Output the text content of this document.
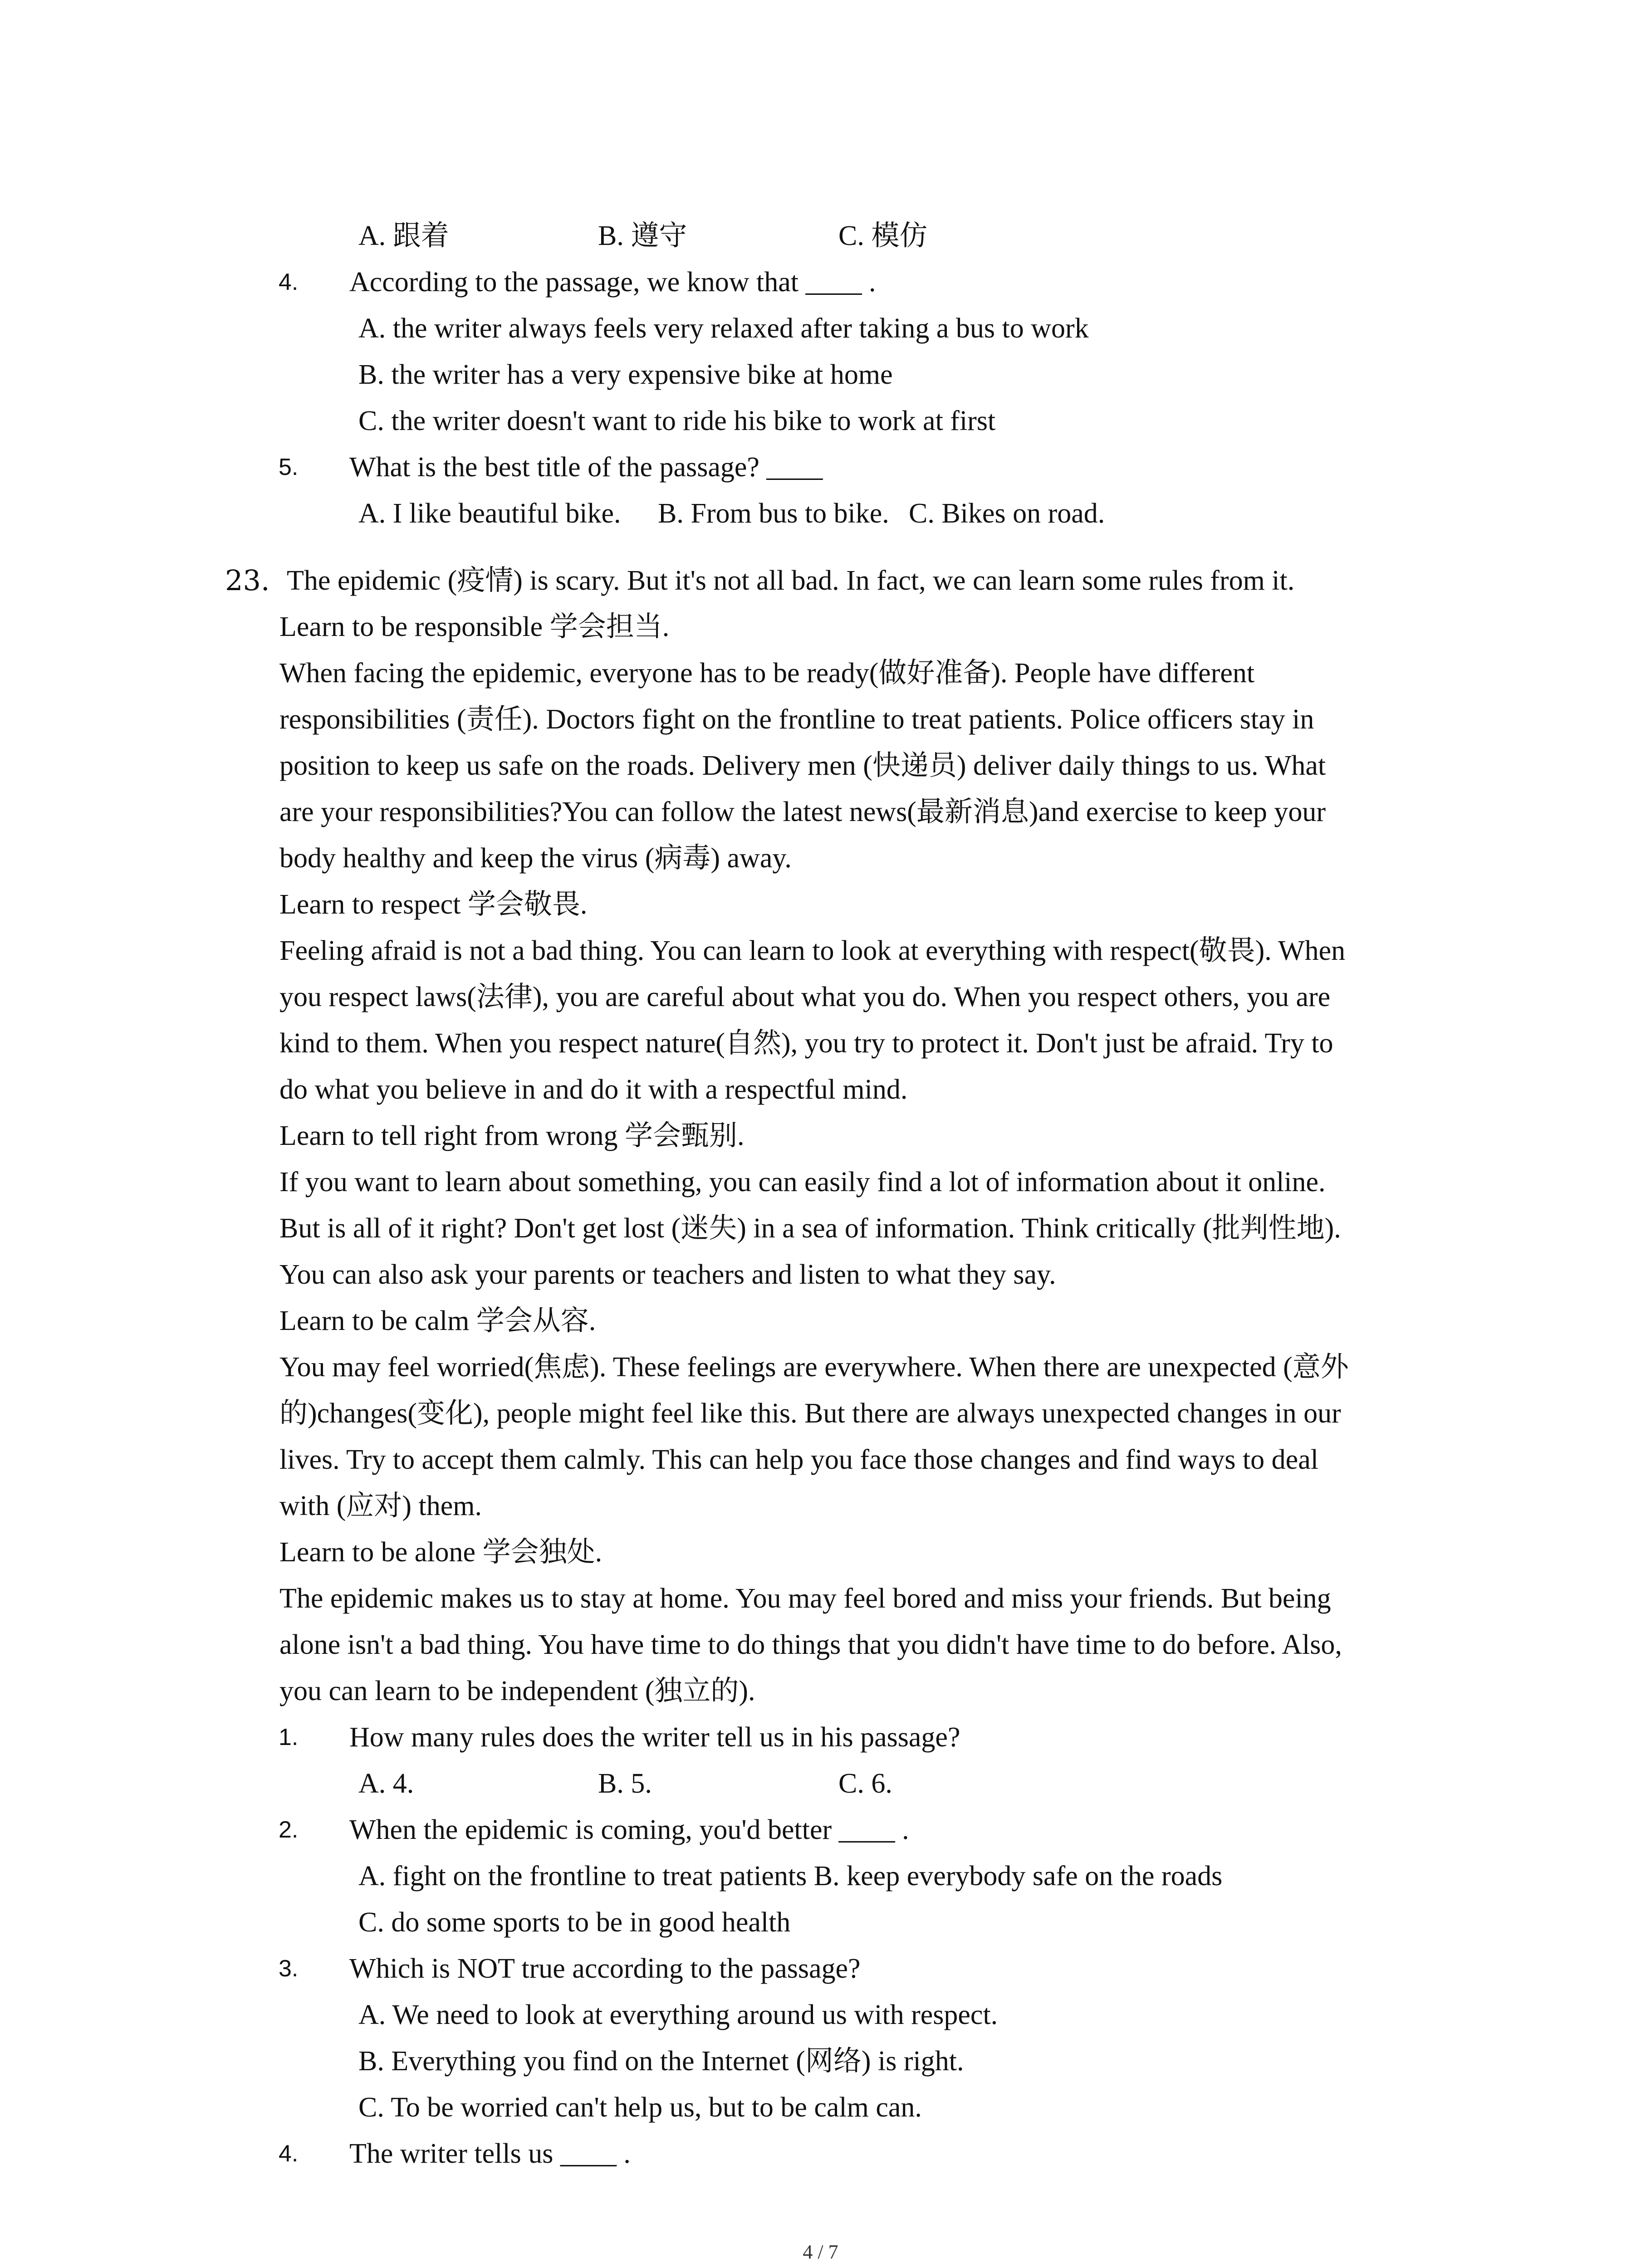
A. 跟着	B. 遵守	C. 模仿
4. According to the passage, we know that ____ .
A. the writer always feels very relaxed after taking a bus to work
B. the writer has a very expensive bike at home
C. the writer doesn't want to ride his bike to work at first
5. What is the best title of the passage? ____
A. I like beautiful bike. B. From bus to bike. C. Bikes on road.
23. The epidemic (疫情) is scary. But it's not all bad. In fact, we can learn some rules from it.
Learn to be responsible 学会担当.
When facing the epidemic, everyone has to be ready(做好准备). People have different
responsibilities (责任). Doctors fight on the frontline to treat patients. Police officers stay in
position to keep us safe on the roads. Delivery men (快递员) deliver daily things to us. What
are your responsibilities?You can follow the latest news(最新消息)and exercise to keep your
body healthy and keep the virus (病毒) away.
Learn to respect 学会敬畏.
Feeling afraid is not a bad thing. You can learn to look at everything with respect(敬畏). When
you respect laws(法律), you are careful about what you do. When you respect others, you are
kind to them. When you respect nature(自然), you try to protect it. Don't just be afraid. Try to
do what you believe in and do it with a respectful mind.
Learn to tell right from wrong 学会甄别.
If you want to learn about something, you can easily find a lot of information about it online.
But is all of it right? Don't get lost (迷失) in a sea of information. Think critically (批判性地).
You can also ask your parents or teachers and listen to what they say.
Learn to be calm 学会从容.
You may feel worried(焦虑). These feelings are everywhere. When there are unexpected (意外
的)changes(变化), people might feel like this. But there are always unexpected changes in our
lives. Try to accept them calmly. This can help you face those changes and find ways to deal
with (应对) them.
Learn to be alone 学会独处.
The epidemic makes us to stay at home. You may feel bored and miss your friends. But being
alone isn't a bad thing. You have time to do things that you didn't have time to do before. Also,
you can learn to be independent (独立的).
1. How many rules does the writer tell us in his passage?
A. 4.	B. 5.	C. 6.
2. When the epidemic is coming, you'd better ____ .
A. fight on the frontline to treat patients B. keep everybody safe on the roads
C. do some sports to be in good health
3. Which is NOT true according to the passage?
A. We need to look at everything around us with respect.
B. Everything you find on the Internet (网络) is right.
C. To be worried can't help us, but to be calm can.
4. The writer tells us ____ .
4 / 7
